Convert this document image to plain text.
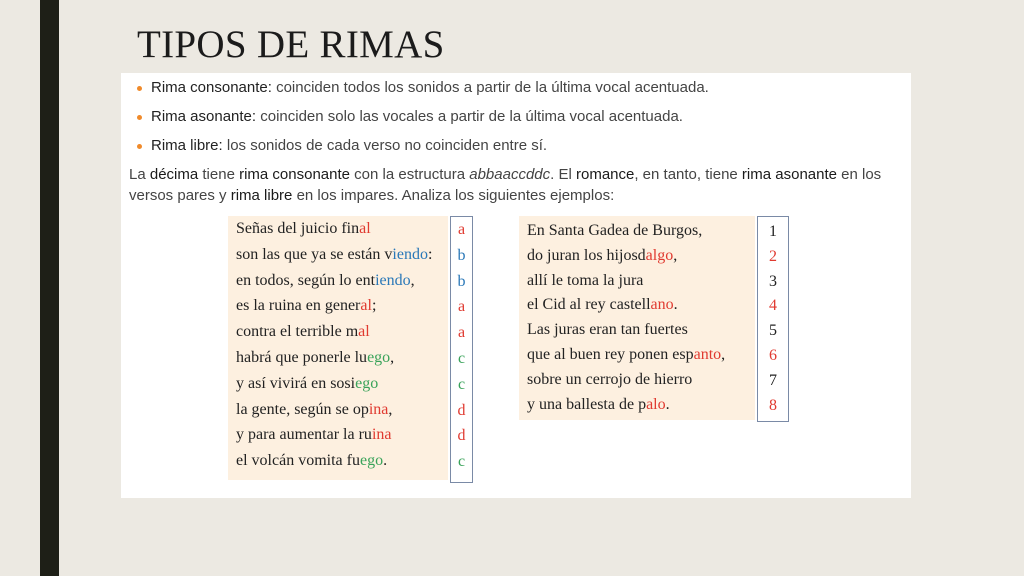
TIPOS DE RIMAS
Rima consonante: coinciden todos los sonidos a partir de la última vocal acentuada.
Rima asonante: coinciden solo las vocales a partir de la última vocal acentuada.
Rima libre: los sonidos de cada verso no coinciden entre sí.
La décima tiene rima consonante con la estructura abbaaccddc. El romance, en tanto, tiene rima asonante en los versos pares y rima libre en los impares. Analiza los siguientes ejemplos:
Señas del juicio final
son las que ya se están viendo:
en todos, según lo entiendo,
es la ruina en general;
contra el terrible mal
habrá que ponerle luego,
y así vivirá en sosiego
la gente, según se opina,
y para aumentar la ruina
el volcán vomita fuego.
a
b
b
a
a
c
c
d
d
c
En Santa Gadea de Burgos,
do juran los hijosdalgo,
allí le toma la jura
el Cid al rey castellano.
Las juras eran tan fuertes
que al buen rey ponen espanto,
sobre un cerrojo de hierro
y una ballesta de palo.
1
2
3
4
5
6
7
8
